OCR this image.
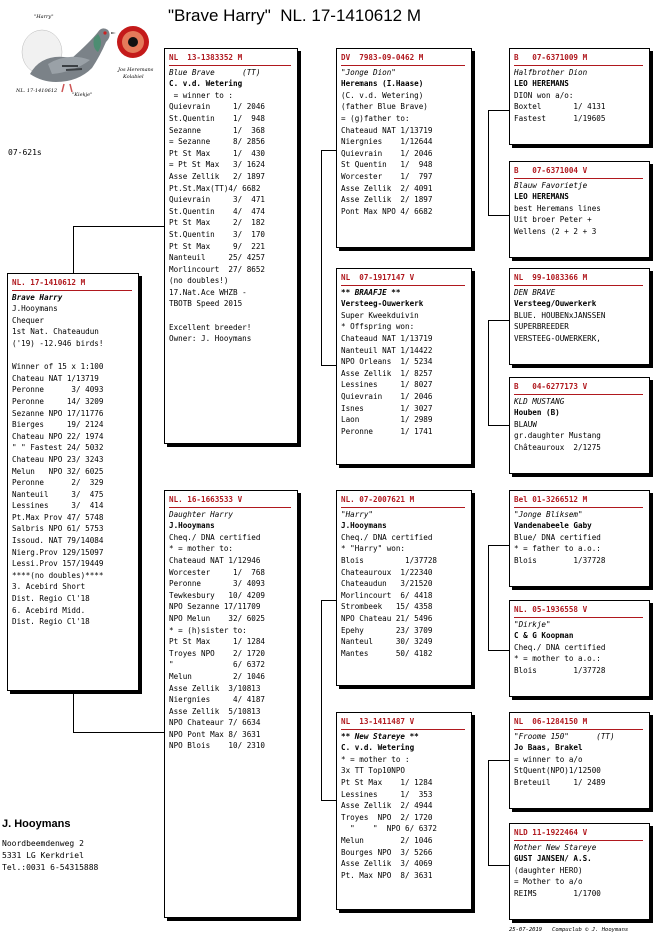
"Brave Harry"  NL. 17-1410612 M
"Harry"
Jos Heremans
Kolabiel
NL. 17-1410612
"Kiekje"
07-621s
NL. 17-1410612 M
Brave Harry
J.Hooymans
Chequer
1st Nat. Chateaudun
('19) -12.946 birds!

Winner of 15 x 1:100
Chateau NAT 1/13719
Peronne      3/ 4093
Peronne     14/ 3209
Sezanne NPO 17/11776
Bierges     19/ 2124
Chateau NPO 22/ 1974
" " Fastest 24/ 5032
Chateau NPO 23/ 3243
Melun   NPO 32/ 6025
Peronne      2/  329
Nanteuil     3/  475
Lessines     3/  414
Pt.Max Prov 47/ 5748
Salbris NPO 61/ 5753
Issoud. NAT 79/14084
Nierg.Prov 129/15097
Lessi.Prov 157/19449
****(no doubles)****
3. Acebird Short
Dist. Regio Cl'18
6. Acebird Midd.
Dist. Regio Cl'18
NL  13-1383352 M
Blue Brave      (TT)
C. v.d. Wetering
= winner to :
Quievrain     1/ 2046
St.Quentin    1/  948
Sezanne       1/  368
= Sezanne     8/ 2856
Pt St Max     1/  430
= Pt St Max   3/ 1624
Asse Zellik   2/ 1897
Pt.St.Max(TT)4/ 6682
Quievrain     3/  471
St.Quentin    4/  474
Pt St Max     2/  182
St.Quentin    3/  170
Pt St Max     9/  221
Nanteuil     25/ 4257
Morlincourt  27/ 8652
(no doubles!)
17.Nat.Ace WHZB -
TBOTB Speed 2015

Excellent breeder!
Owner: J. Hooymans
NL. 16-1663533 V
Daughter Harry
J.Hooymans
Cheq./ DNA certified
* = mother to:
Chateaud NAT 1/12946
Worcester     1/  768
Peronne       3/ 4093
Tewkesbury   10/ 4209
NPO Sezanne 17/11709
NPO Melun    32/ 6025
* = (h)sister to:
Pt St Max     1/ 1284
Troyes NPO    2/ 1720
"             6/ 6372
Melun         2/ 1046
Asse Zellik  3/10813
Niergnies     4/ 4187
Asse Zellik  5/10813
NPO Chateaur 7/ 6634
NPO Pont Max 8/ 3631
NPO Blois    10/ 2310
DV  7983-09-0462 M
"Jonge Dion"
Heremans (I.Haase)
(C. v.d. Wetering)
(father Blue Brave)
= (g)father to:
Chateaud NAT 1/13719
Niergnies    1/12644
Quievrain    1/ 2046
St Quentin   1/  948
Worcester    1/  797
Asse Zellik  2/ 4091
Asse Zellik  2/ 1897
Pont Max NPO 4/ 6682
NL  07-1917147 V
** BRAAFJE **
Versteeg-Ouwerkerk
Super Kweekduivin
* Offspring won:
Chateaud NAT 1/13719
Nanteuil NAT 1/14422
NPO Orleans  1/ 5234
Asse Zellik  1/ 8257
Lessines     1/ 8027
Quievrain    1/ 2046
Isnes        1/ 3027
Laon         1/ 2989
Peronne      1/ 1741
NL. 07-2007621 M
"Harry"
J.Hooymans
Cheq./ DNA certified
* "Harry" won:
Blois         1/37728
Chateauroux  1/22340
Chateaudun   3/21520
Morlincourt  6/ 4418
Strombeek   15/ 4358
NPO Chateau 21/ 5496
Epehy       23/ 3709
Nanteul     30/ 3249
Mantes      50/ 4182
NL  13-1411487 V
** New Stareye **
C. v.d. Wetering
* = mother to :
3x TT Top10NPO
Pt St Max    1/ 1284
Lessines     1/  353
Asse Zellik  2/ 4944
Troyes  NPO  2/ 1720
"    "  NPO 6/ 6372
Melun        2/ 1046
Bourges NPO  3/ 5266
Asse Zellik  3/ 4069
Pt. Max NPO  8/ 3631
B   07-6371009 M
Halfbrother Dion
LEO HEREMANS
DION won a/o:
Boxtel       1/ 4131
Fastest      1/19605
B   07-6371004 V
Blauw Favorietje
LEO HEREMANS
best Heremans lines
Uit broer Peter +
Wellens (2 + 2 + 3
NL  99-1083366 M
DEN BRAVE
Versteeg/Ouwerkerk
BLUE. HOUBENxJANSSEN
SUPERBREEDER
VERSTEEG-OUWERKERK,
B   04-6277173 V
KLD MUSTANG
Houben (B)
BLAUW
gr.daughter Mustang
Châteauroux  2/1275
Bel 01-3266512 M
"Jonge Bliksem"
Vandenabeele Gaby
Blue/ DNA certified
* = father to a.o.:
Blois        1/37728
NL. 05-1936558 V
"Dirkje"
C & G Koopman
Cheq./ DNA certified
* = mother to a.o.:
Blois        1/37728
NL  06-1284150 M
"Froome 150"      (TT)
Jo Baas, Brakel
= winner to a/o
StQuent(NPO)1/12500
Breteuil     1/ 2489
NLD 11-1922464 V
Mother New Stareye
GUST JANSEN/ A.S.
(daughter HERO)
= Mother to a/o
REIMS        1/1700
J. Hooymans
Noordbeemdenweg 2
5331 LG Kerkdriel
Tel.:0031 6-54315888
25-07-2019   Compuclub © J. Hooymans
